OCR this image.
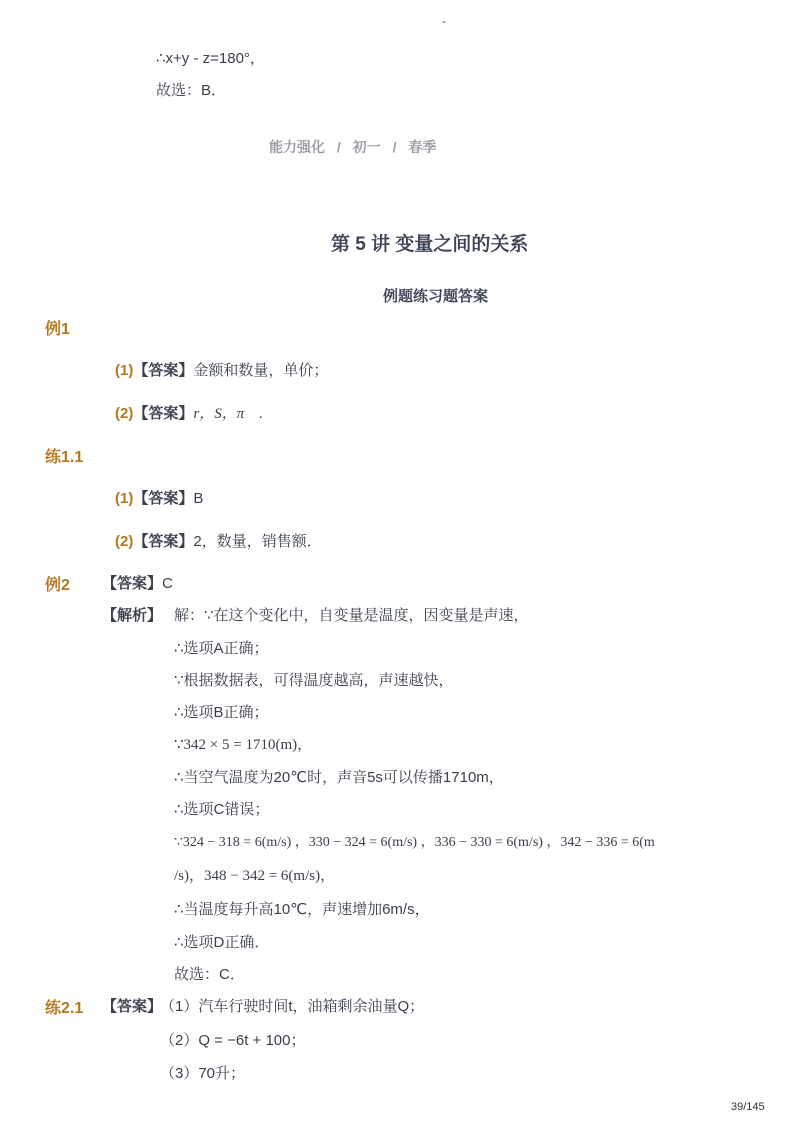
-
∴x+y - z=180°，
故选：B．
能力强化 / 初一 / 春季
第 5 讲 变量之间的关系
例题练习题答案
例1
(1)【答案】金额和数量，单价；
(2)【答案】r，S，π　.
练1.1
(1)【答案】B
(2)【答案】2，数量，销售额．
例2 【答案】C
【解析】 解：∵在这个变化中，自变量是温度，因变量是声速，
∴选项A正确；
∵根据数据表，可得温度越高，声速越快，
∴选项B正确；
∵342 × 5 = 1710(m)，
∴当空气温度为20℃时，声音5s可以传播1710m，
∴选项C错误；
∵324 − 318 = 6(m/s) ，330 − 324 = 6(m/s) ，336 − 330 = 6(m/s) ，342 − 336 = 6(m
/s)，348 − 342 = 6(m/s)，
∴当温度每升高10℃，声速增加6m/s，
∴选项D正确．
故选：C．
练2.1 【答案】
（1）汽车行驶时间t，油箱剩余油量Q；
（2）Q = −6t + 100；
（3）70升；
39/145
